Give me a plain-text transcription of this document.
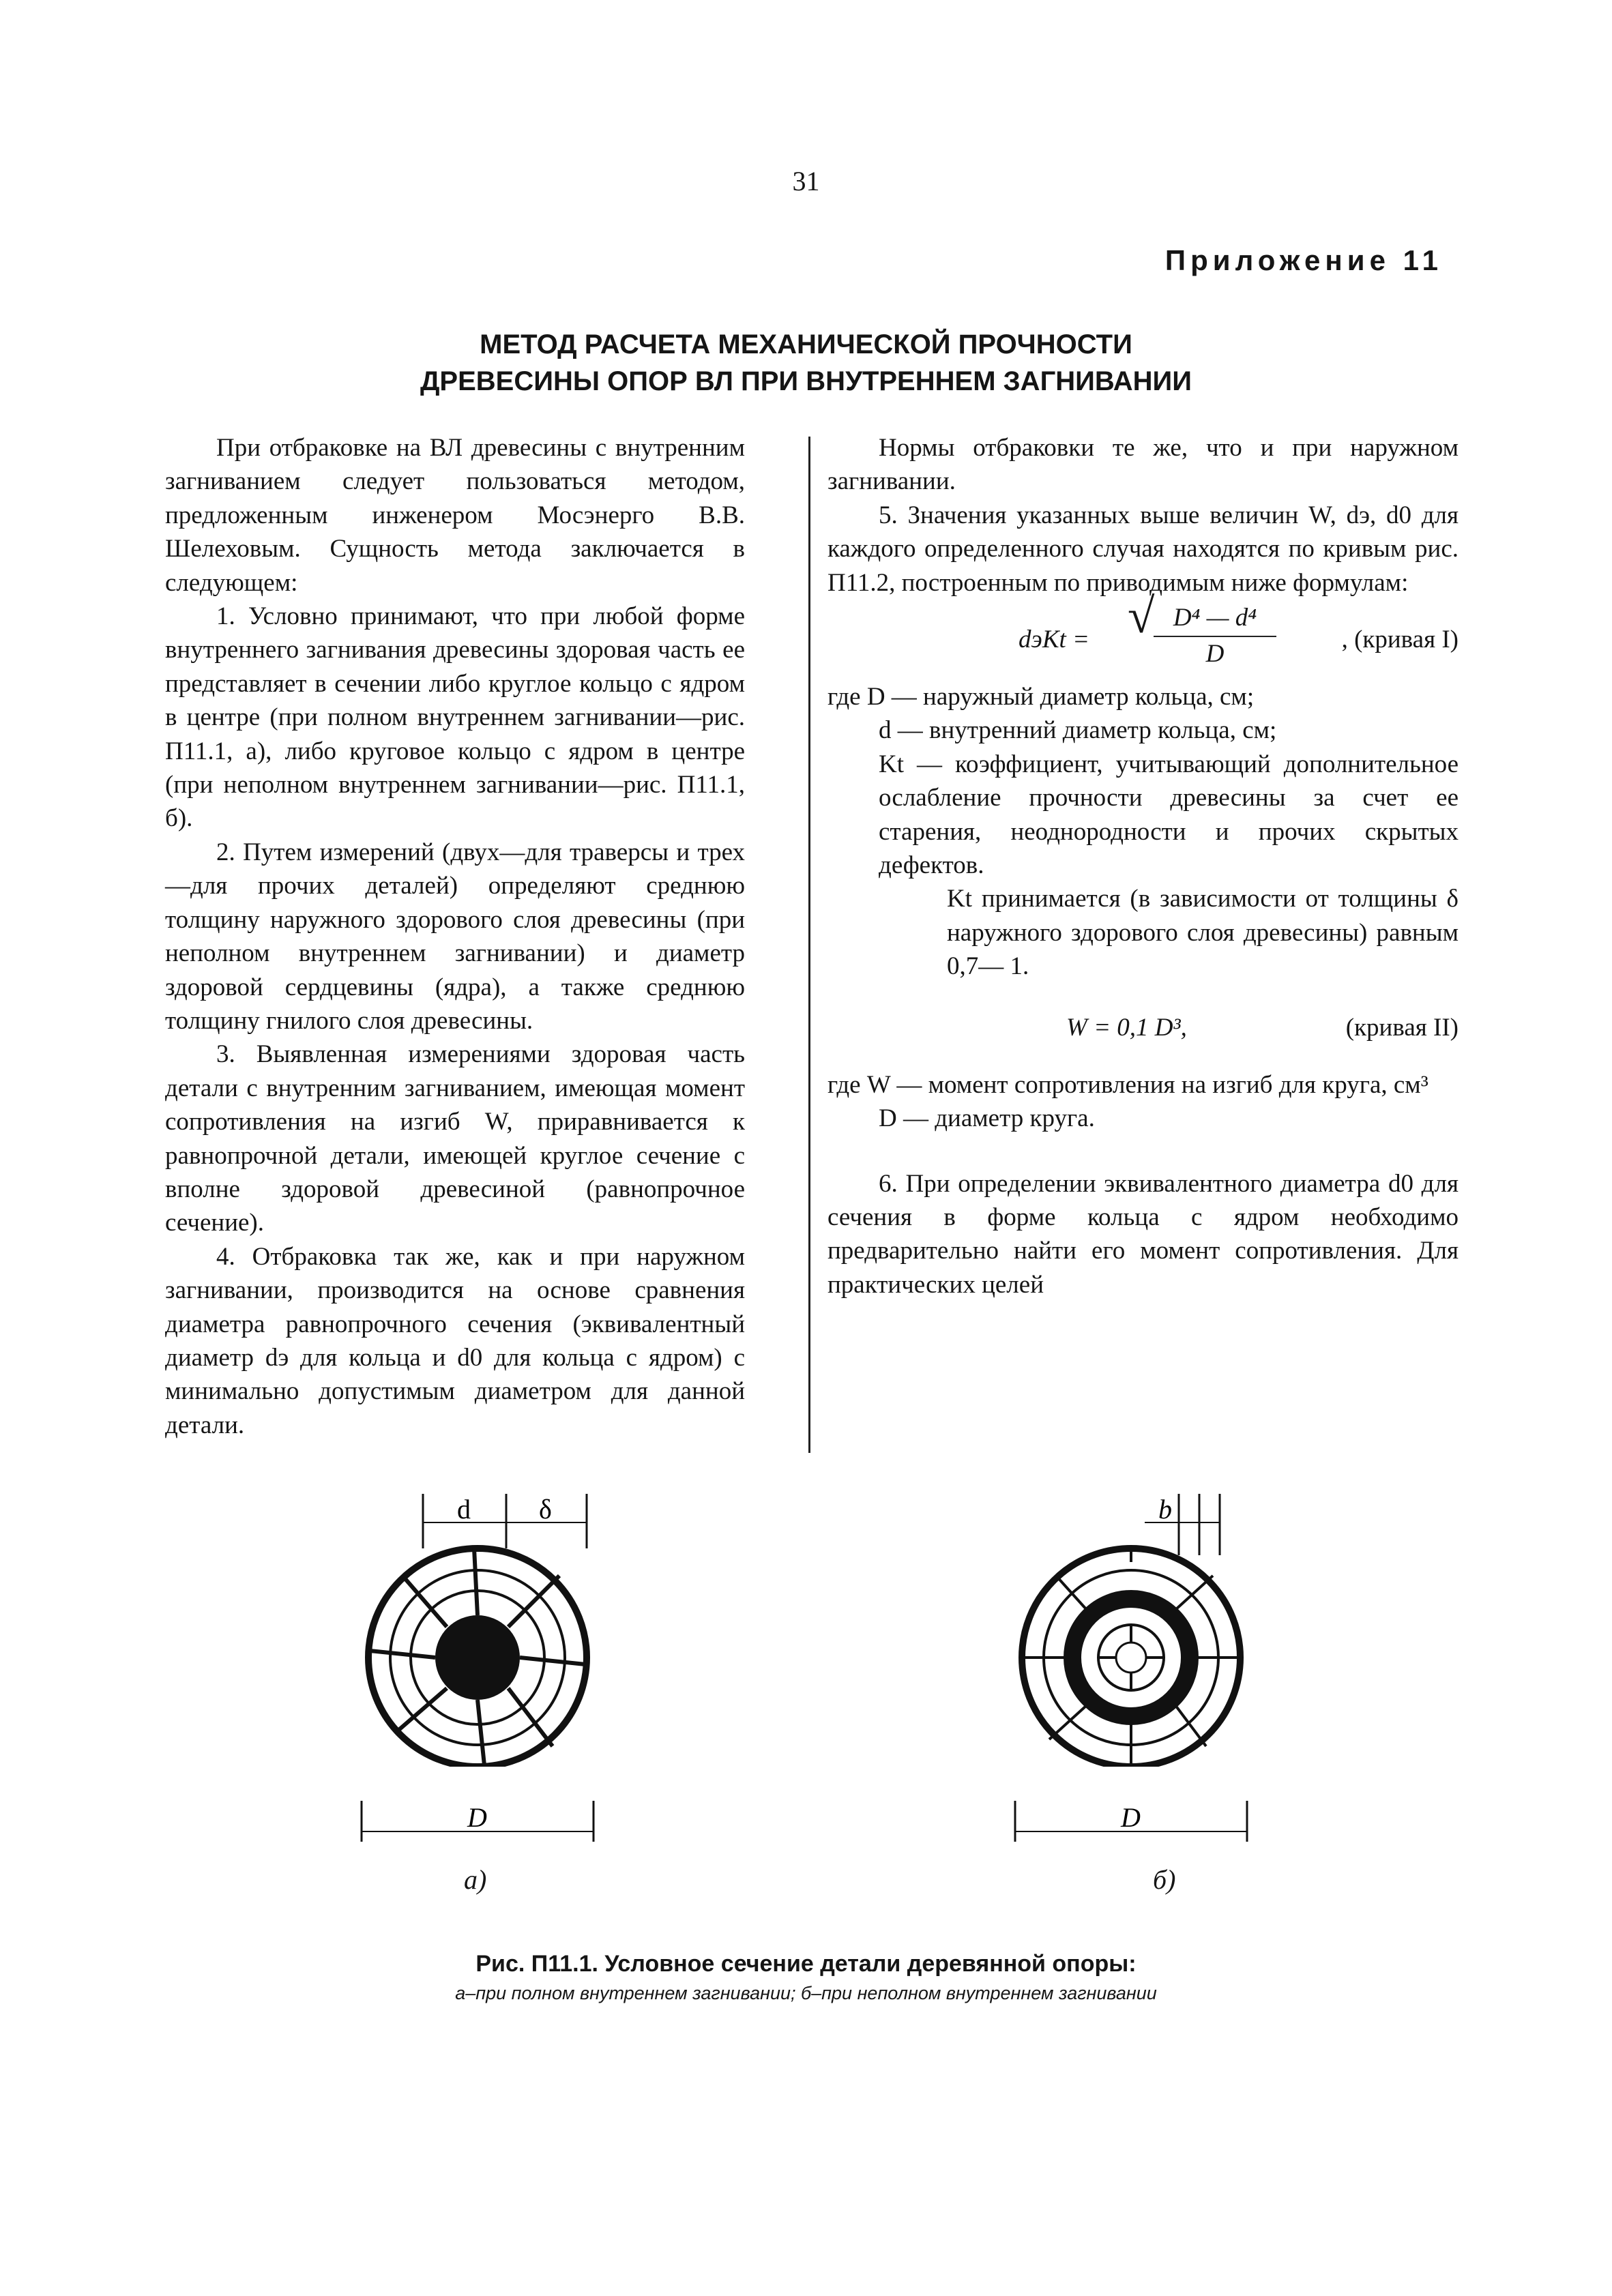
31
Приложение 11
МЕТОД РАСЧЕТА МЕХАНИЧЕСКОЙ ПРОЧНОСТИ
ДРЕВЕСИНЫ ОПОР ВЛ ПРИ ВНУТРЕННЕМ ЗАГНИВАНИИ

При отбраковке на ВЛ древесины с внутренним загниванием следует пользоваться методом, предложенным инженером Мосэнерго В.В. Шелеховым. Сущность метода заключается в следующем:

1. Условно принимают, что при любой форме внутреннего загнивания древесины здоровая часть ее представляет в сечении либо круглое кольцо с ядром в центре (при полном внутреннем загнивании—рис. П11.1, а), либо круговое кольцо с ядром в центре (при неполном внутреннем загнивании—рис. П11.1, б).

2. Путем измерений (двух—для траверсы и трех—для прочих деталей) определяют среднюю толщину наружного здорового слоя древесины (при неполном внутреннем загнивании) и диаметр здоровой сердцевины (ядра), а также среднюю толщину гнилого слоя древесины.

3. Выявленная измерениями здоровая часть детали с внутренним загниванием, имеющая момент сопротивления на изгиб W, приравнивается к равнопрочной детали, имеющей круглое сечение с вполне здоровой древесиной (равнопрочное сечение).

4. Отбраковка так же, как и при наружном загнивании, производится на основе сравнения диаметра равнопрочного сечения (эквивалентный диаметр dэ для кольца и d0 для кольца с ядром) с минимально допустимым диаметром для данной детали.

Нормы отбраковки те же, что и при наружном загнивании.

5. Значения указанных выше величин W, dэ, d0 для каждого определенного случая находятся по кривым рис. П11.2, построенным по приводимым ниже формулам:

dэKt = √
$\frac{\text{D⁴ — d⁴}}{D}$	, (кривая I)

где D — наружный диаметр кольца, см;

d — внутренний диаметр кольца, см;

Kt — коэффициент, учитывающий дополнительное ослабление прочности древесины за счет ее старения, неоднородности и прочих скрытых дефектов.

Kt принимается (в зависимости от толщины δ наружного здорового слоя древесины) равным 0,7— 1.

W = 0,1 D³,	(кривая II)

где W — момент сопротивления на изгиб для круга, см³

D — диаметр круга.

6. При определении эквивалентного диаметра d0 для сечения в форме кольца с ядром необходимо предварительно найти его момент сопротивления. Для практических целей

d	δ
D
а)
b
D
б)
Рис. П11.1. Условное сечение детали деревянной опоры:
а–при полном внутреннем загнивании; б–при неполном внутреннем загнивании
